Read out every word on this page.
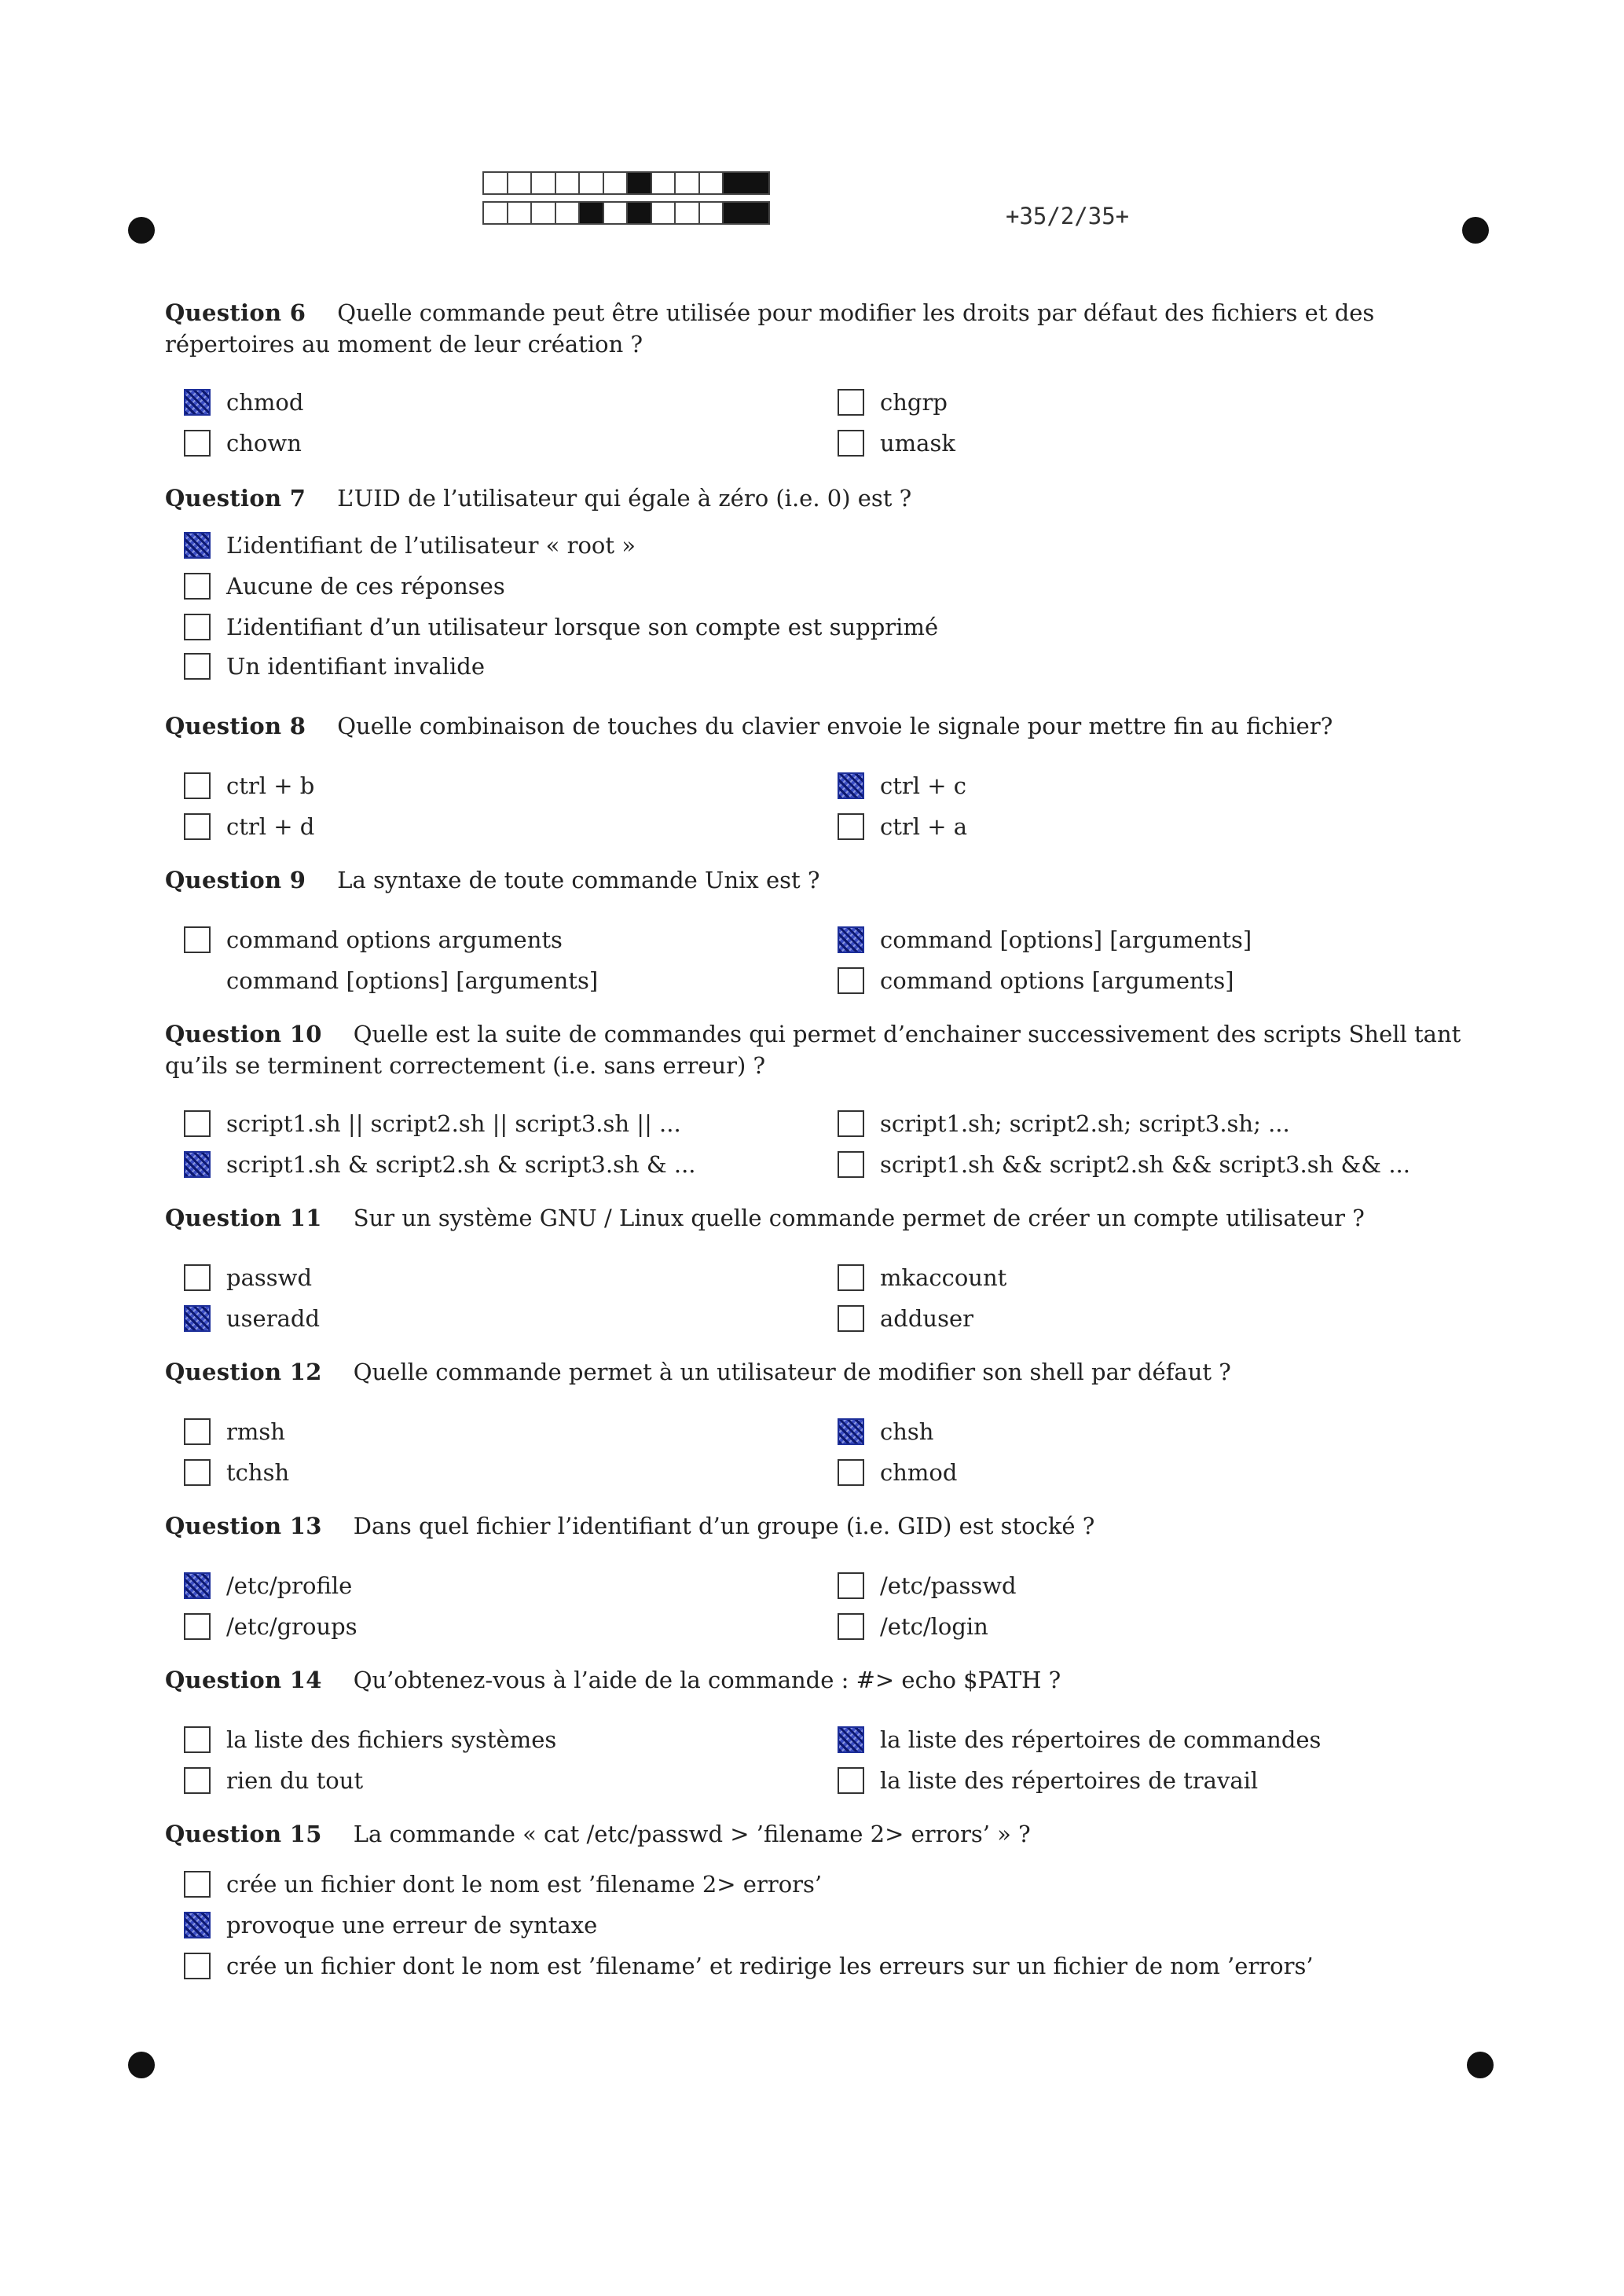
+35/2/35+
Question 6 Quelle commande peut être utilisée pour modifier les droits par défaut des fichiers et des répertoires au moment de leur création ?
chmod
chown
chgrp
umask
Question 7 L’UID de l’utilisateur qui égale à zéro (i.e. 0) est ?
L’identifiant de l’utilisateur « root »
Aucune de ces réponses
L’identifiant d’un utilisateur lorsque son compte est supprimé
Un identifiant invalide
Question 8 Quelle combinaison de touches du clavier envoie le signale pour mettre fin au fichier?
ctrl + b
ctrl + d
ctrl + c
ctrl + a
Question 9 La syntaxe de toute commande Unix est ?
command options arguments
command [options] [arguments]
command [options] [arguments]
command options [arguments]
Question 10 Quelle est la suite de commandes qui permet d’enchainer successivement des scripts Shell tant qu’ils se terminent correctement (i.e. sans erreur) ?
script1.sh || script2.sh || script3.sh || ...
script1.sh & script2.sh & script3.sh & ...
script1.sh; script2.sh; script3.sh; ...
script1.sh && script2.sh && script3.sh && ...
Question 11 Sur un système GNU / Linux quelle commande permet de créer un compte utilisateur ?
passwd
useradd
mkaccount
adduser
Question 12 Quelle commande permet à un utilisateur de modifier son shell par défaut ?
rmsh
tchsh
chsh
chmod
Question 13 Dans quel fichier l’identifiant d’un groupe (i.e. GID) est stocké ?
/etc/profile
/etc/groups
/etc/passwd
/etc/login
Question 14 Qu’obtenez-vous à l’aide de la commande : #> echo $PATH ?
la liste des fichiers systèmes
rien du tout
la liste des répertoires de commandes
la liste des répertoires de travail
Question 15 La commande « cat /etc/passwd > ’filename 2> errors’ » ?
crée un fichier dont le nom est ’filename 2> errors’
provoque une erreur de syntaxe
crée un fichier dont le nom est ’filename’ et redirige les erreurs sur un fichier de nom ’errors’
